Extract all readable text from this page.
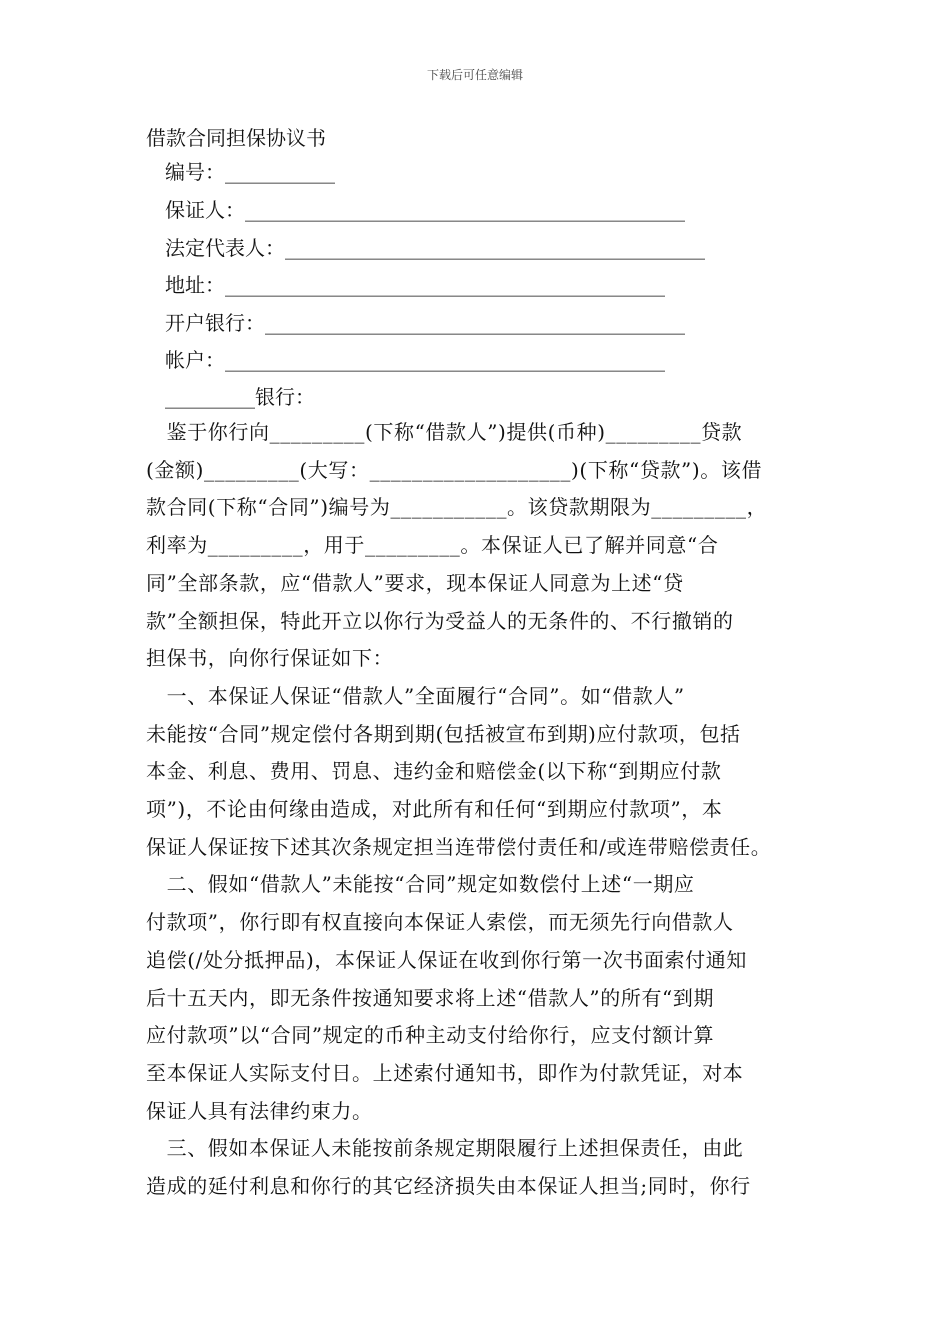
下载后可任意编辑
借款合同担保协议书
编号：___________
保证人：____________________________________________
法定代表人：__________________________________________
地址：____________________________________________
开户银行：__________________________________________
帐户：____________________________________________
_________银行：
　鉴于你行向_________(下称“借款人”)提供(币种)_________贷款
(金额)_________(大写：___________________)(下称“贷款”)。该借
款合同(下称“合同”)编号为___________。该贷款期限为_________，
利率为_________，用于_________。本保证人已了解并同意“合
同”全部条款，应“借款人”要求，现本保证人同意为上述“贷
款”全额担保，特此开立以你行为受益人的无条件的、不行撤销的
担保书，向你行保证如下：
　一、本保证人保证“借款人”全面履行“合同”。如“借款人”
未能按“合同”规定偿付各期到期(包括被宣布到期)应付款项，包括
本金、利息、费用、罚息、违约金和赔偿金(以下称“到期应付款
项”)，不论由何缘由造成，对此所有和任何“到期应付款项”，本
保证人保证按下述其次条规定担当连带偿付责任和/或连带赔偿责任。
　二、假如“借款人”未能按“合同”规定如数偿付上述“一期应
付款项”，你行即有权直接向本保证人索偿，而无须先行向借款人
追偿(/处分抵押品)，本保证人保证在收到你行第一次书面索付通知
后十五天内，即无条件按通知要求将上述“借款人”的所有“到期
应付款项”以“合同”规定的币种主动支付给你行，应支付额计算
至本保证人实际支付日。上述索付通知书，即作为付款凭证，对本
保证人具有法律约束力。
　三、假如本保证人未能按前条规定期限履行上述担保责任，由此
造成的延付利息和你行的其它经济损失由本保证人担当;同时，你行
